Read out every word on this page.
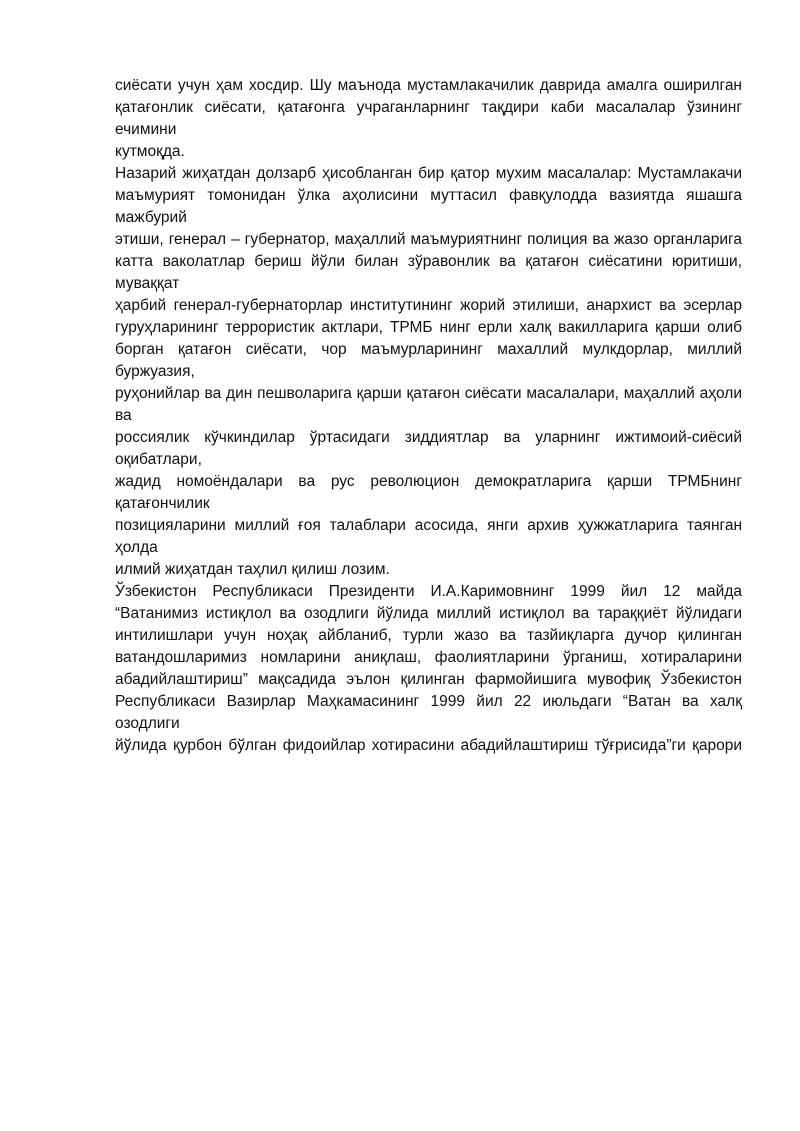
сиёсати учун ҳам хосдир. Шу маънода мустамлакачилик даврида амалга оширилган
қатағонлик сиёсати, қатағонга учраганларнинг тақдири каби масалалар ўзининг ечимини
кутмоқда.
Назарий жиҳатдан долзарб ҳисобланган бир қатор мухим масалалар: Мустамлакачи
маъмурият томонидан ўлка аҳолисини муттасил фавқулодда вазиятда яшашга мажбурий
этиши, генерал – губернатор, маҳаллий маъмуриятнинг полиция ва жазо органларига
катта ваколатлар бериш йўли билан зўравонлик ва қатағон сиёсатини юритиши, муваққат
ҳарбий генерал-губернаторлар институтининг жорий этилиши, анархист ва эсерлар
гуруҳларининг террористик актлари, ТРМБ нинг ерли халқ вакилларига қарши олиб
борган қатағон сиёсати, чор маъмурларининг махаллий мулкдорлар, миллий буржуазия,
руҳонийлар ва дин пешволарига қарши қатағон сиёсати масалалари, маҳаллий аҳоли ва
россиялик кўчкиндилар ўртасидаги зиддиятлар ва уларнинг ижтимоий-сиёсий оқибатлари,
жадид номоёндалари ва рус революцион демократларига қарши ТРМБнинг қатағончилик
позицияларини миллий ғоя талаблари асосида, янги архив ҳужжатларига таянган ҳолда
илмий жиҳатдан таҳлил қилиш лозим.
Ўзбекистон Республикаси Президенти И.А.Каримовнинг 1999 йил 12 майда
“Ватанимиз истиқлол ва озодлиги йўлида миллий истиқлол ва тараққиёт йўлидаги
интилишлари учун ноҳақ айбланиб, турли жазо ва тазйиқларга дучор қилинган
ватандошларимиз номларини аниқлаш, фаолиятларини ўрганиш, хотираларини
абадийлаштириш” мақсадида эълон қилинган фармойишига мувофиқ Ўзбекистон
Республикаси Вазирлар Маҳкамасининг 1999 йил 22 июльдаги “Ватан ва халқ озодлиги
йўлида қурбон бўлган фидоийлар хотирасини абадийлаштириш тўғрисида”ги қарори
